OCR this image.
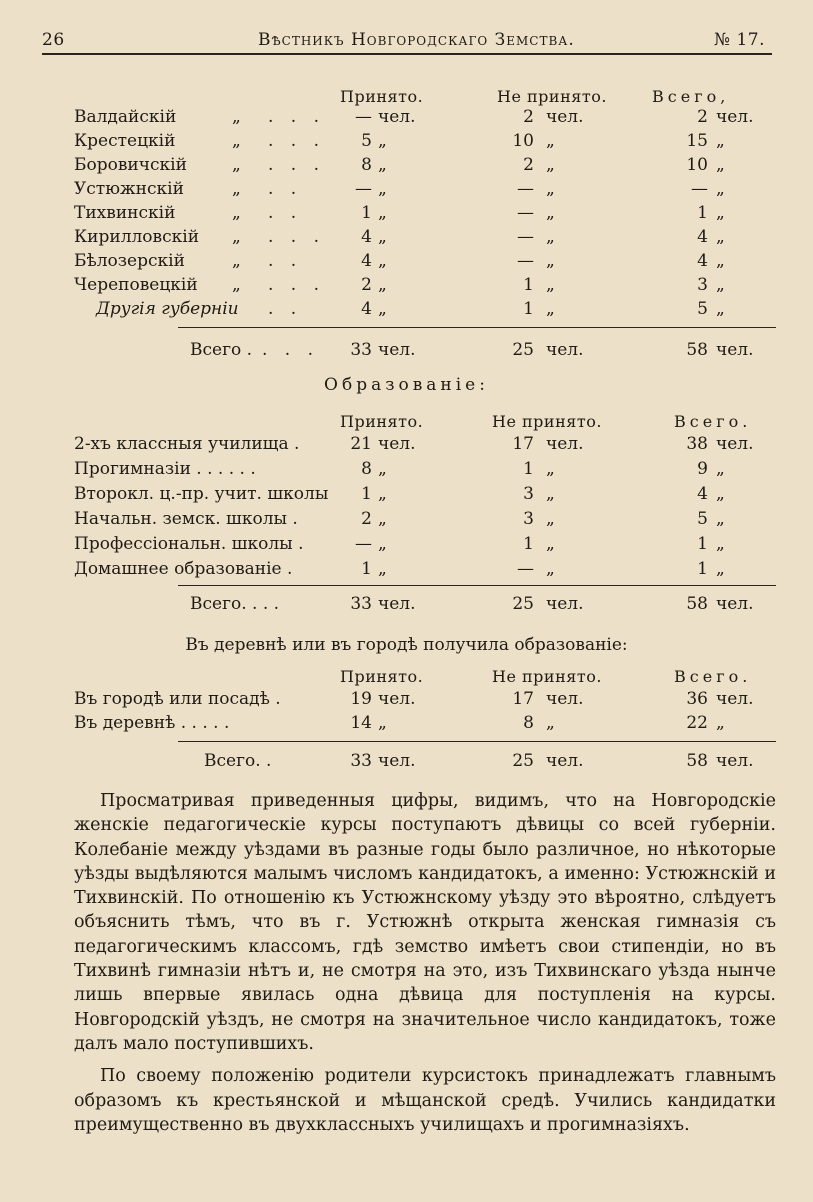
26	Вѣстникъ Новгородскаго Земства.	№ 17.
Принято.	Не принято.	Всего,
Валдайскій	„ . . .	— чел.	2 чел.	2 чел.
Крестецкій	„ . . .	5 „	10 „	15 „
Боровичскій	„ . . .	8 „	2 „	10 „
Устюжнскій	„ . .	— „	— „	— „
Тихвинскій	„ . .	1 „	— „	1 „
Кирилловскій „ . . .	4 „	— „	4 „
Бѣлозерскій	„ . .	4 „	— „	4 „
Череповецкій „ . . .	2 „	1 „	3 „
Другія губерніи . .	4 „	1 „	5 „
Всего . . . .	33 чел.	25 чел.	58 чел.
Образованіе:
Принято.	Не принято.	Всего.
2-хъ классныя училища .	21 чел.	17 чел.	38 чел.
Прогимназіи . . . . . .	8 „	1 „	9 „
Второкл. ц.-пр. учит. школы	1 „	3 „	4 „
Начальн. земск. школы .	2 „	3 „	5 „
Профессіональн. школы .	— „	1 „	1 „
Домашнее образованіе .	1 „	— „	1 „
Всего. . . .	33 чел.	25 чел.	58 чел.
Въ деревнѣ или въ городѣ получила образованіе:
Принято.	Не принято.	Всего.
Въ городѣ или посадѣ .	19 чел.	17 чел.	36 чел.
Въ деревнѣ . . . . .	14 „	8 „	22 „
Всего. .	33 чел.	25 чел.	58 чел.

Просматривая приведенныя цифры, видимъ, что на Новгородскіе женскіе педагогическіе курсы поступаютъ дѣвицы со всей губерніи. Колебаніе между уѣздами въ разные годы было различное, но нѣкоторые уѣзды выдѣляются малымъ числомъ кандидатокъ, а именно: Устюжнскій и Тихвинскій. По отношенію къ Устюжнскому уѣзду это вѣроятно, слѣдуетъ объяснить тѣмъ, что въ г. Устюжнѣ открыта женская гимназія съ педагогическимъ классомъ, гдѣ земство имѣетъ свои стипендіи, но въ Тихвинѣ гимназіи нѣтъ и, не смотря на это, изъ Тихвинскаго уѣзда нынче лишь впервые явилась одна дѣвица для поступленія на курсы. Новгородскій уѣздъ, не смотря на значительное число кандидатокъ, тоже далъ мало поступившихъ.

По своему положенію родители курсистокъ принадлежатъ главнымъ образомъ къ крестьянской и мѣщанской средѣ. Учились кандидатки преимущественно въ двухклассныхъ училищахъ и прогимназіяхъ.
